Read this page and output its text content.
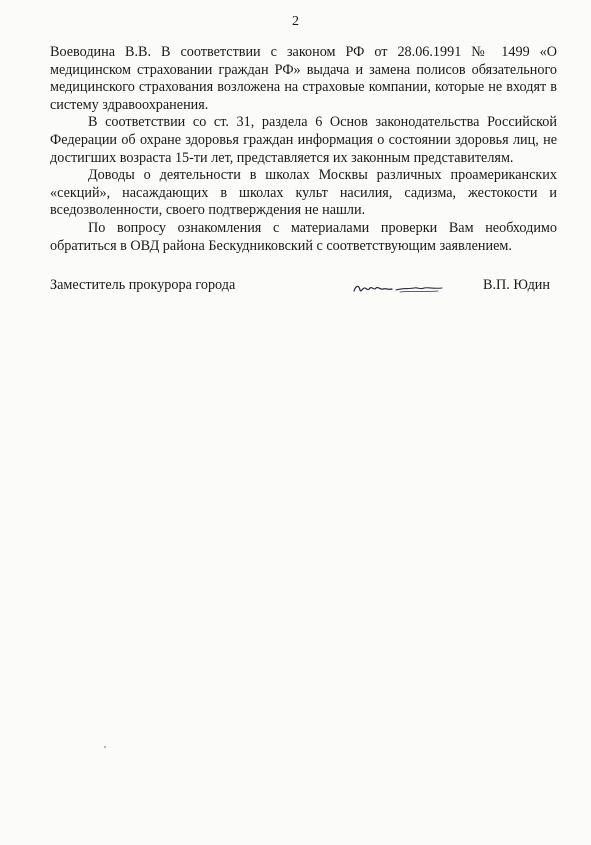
2

Воеводина В.В. В соответствии с законом РФ от 28.06.1991 № 1499 «О медицинском страховании граждан РФ» выдача и замена полисов обязательного медицинского страхования возложена на страховые компании, которые не входят в систему здравоохранения.

В соответствии со ст. 31, раздела 6 Основ законодательства Российской Федерации об охране здоровья граждан информация о состоянии здоровья лиц, не достигших возраста 15-ти лет, представляется их законным представителям.

Доводы о деятельности в школах Москвы различных проамериканских «секций», насаждающих в школах культ насилия, садизма, жестокости и вседозволенности, своего подтверждения не нашли.

По вопросу ознакомления с материалами проверки Вам необходимо обратиться в ОВД района Бескудниковский с соответствующим заявлением.

Заместитель прокурора города	В.П. Юдин
